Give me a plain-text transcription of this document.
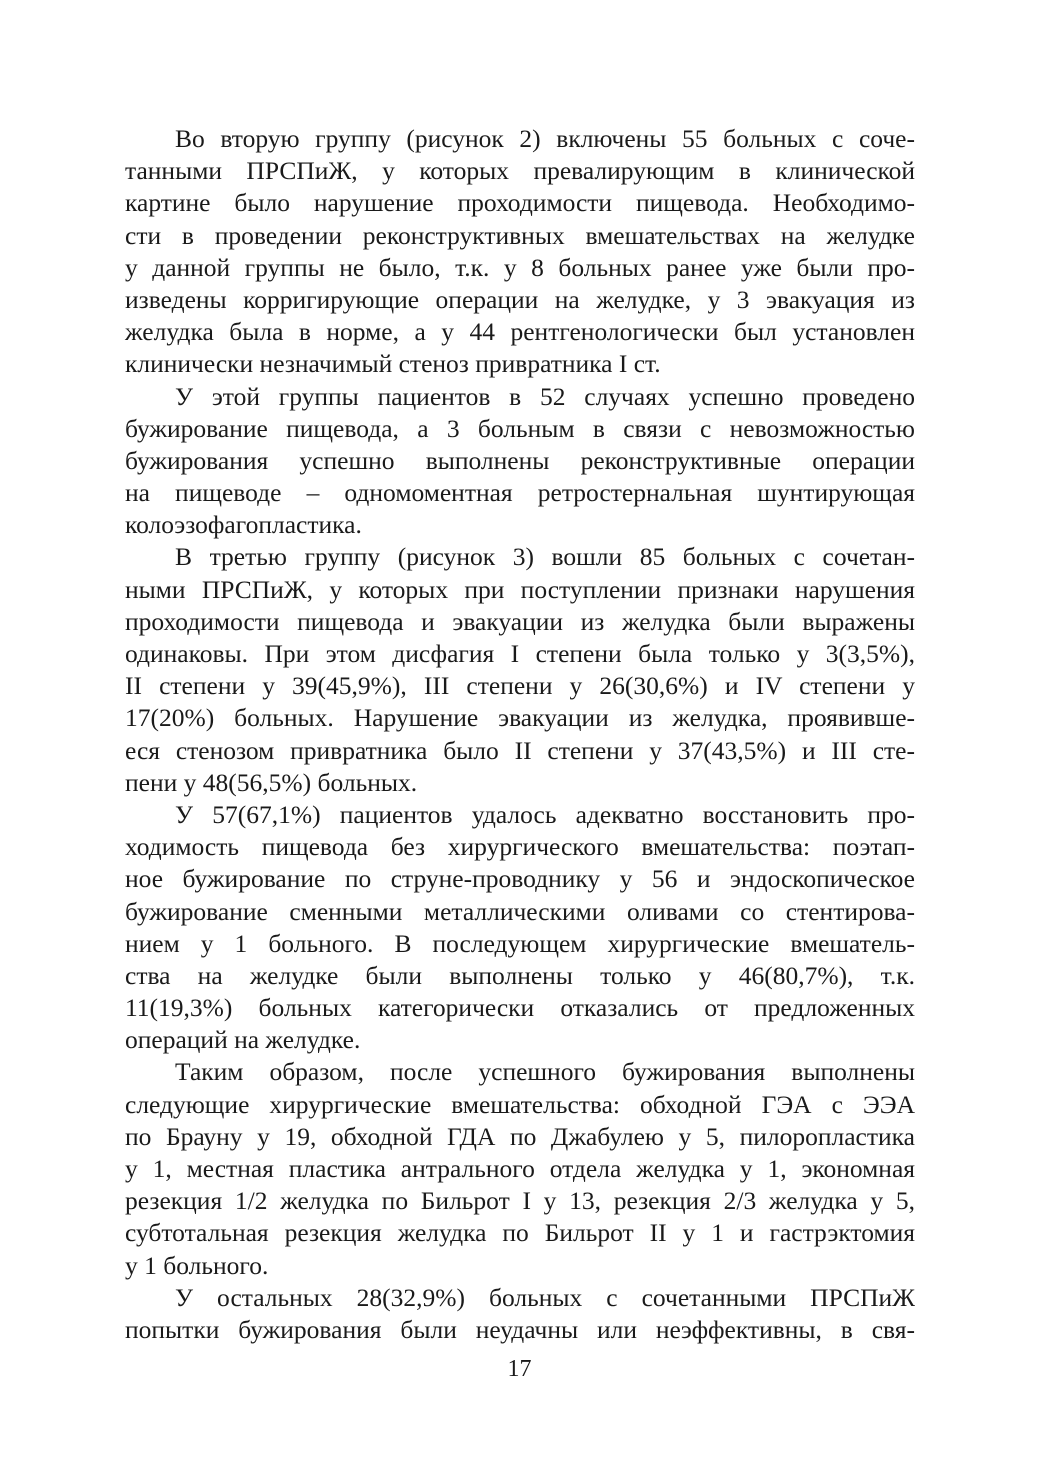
Во вторую группу (рисунок 2) включены 55 больных с соче-
танными ПРСПиЖ, у которых превалирующим в клинической
картине было нарушение проходимости пищевода. Необходимо-
сти в проведении реконструктивных вмешательствах на желудке
у данной группы не было, т.к. у 8 больных ранее уже были про-
изведены корригирующие операции на желудке, у 3 эвакуация из
желудка была в норме, а у 44 рентгенологически был установлен
клинически незначимый стеноз привратника I ст.
У этой группы пациентов в 52 случаях успешно проведено
бужирование пищевода, а 3 больным в связи с невозможностью
бужирования успешно выполнены реконструктивные операции
на пищеводе – одномоментная ретростернальная шунтирующая
колоэзофагопластика.
В третью группу (рисунок 3) вошли 85 больных с сочетан-
ными ПРСПиЖ, у которых при поступлении признаки нарушения
проходимости пищевода и эвакуации из желудка были выражены
одинаковы. При этом дисфагия I степени была только у 3(3,5%),
II степени у 39(45,9%), III степени у 26(30,6%) и IV степени у
17(20%) больных. Нарушение эвакуации из желудка, проявивше-
еся стенозом привратника было II степени у 37(43,5%) и III сте-
пени у 48(56,5%) больных.
У 57(67,1%) пациентов удалось адекватно восстановить про-
ходимость пищевода без хирургического вмешательства: поэтап-
ное бужирование по струне-проводнику у 56 и эндоскопическое
бужирование сменными металлическими оливами со стентирова-
нием у 1 больного. В последующем хирургические вмешатель-
ства на желудке были выполнены только у 46(80,7%), т.к.
11(19,3%) больных категорически отказались от предложенных
операций на желудке.
Таким образом, после успешного бужирования выполнены
следующие хирургические вмешательства: обходной ГЭА с ЭЭА
по Брауну у 19, обходной ГДА по Джабулею у 5, пилоропластика
у 1, местная пластика антрального отдела желудка у 1, экономная
резекция 1/2 желудка по Бильрот I у 13, резекция 2/3 желудка у 5,
субтотальная резекция желудка по Бильрот II у 1 и гастрэктомия
у 1 больного.
У остальных 28(32,9%) больных с сочетанными ПРСПиЖ
попытки бужирования были неудачны или неэффективны, в свя-
17
